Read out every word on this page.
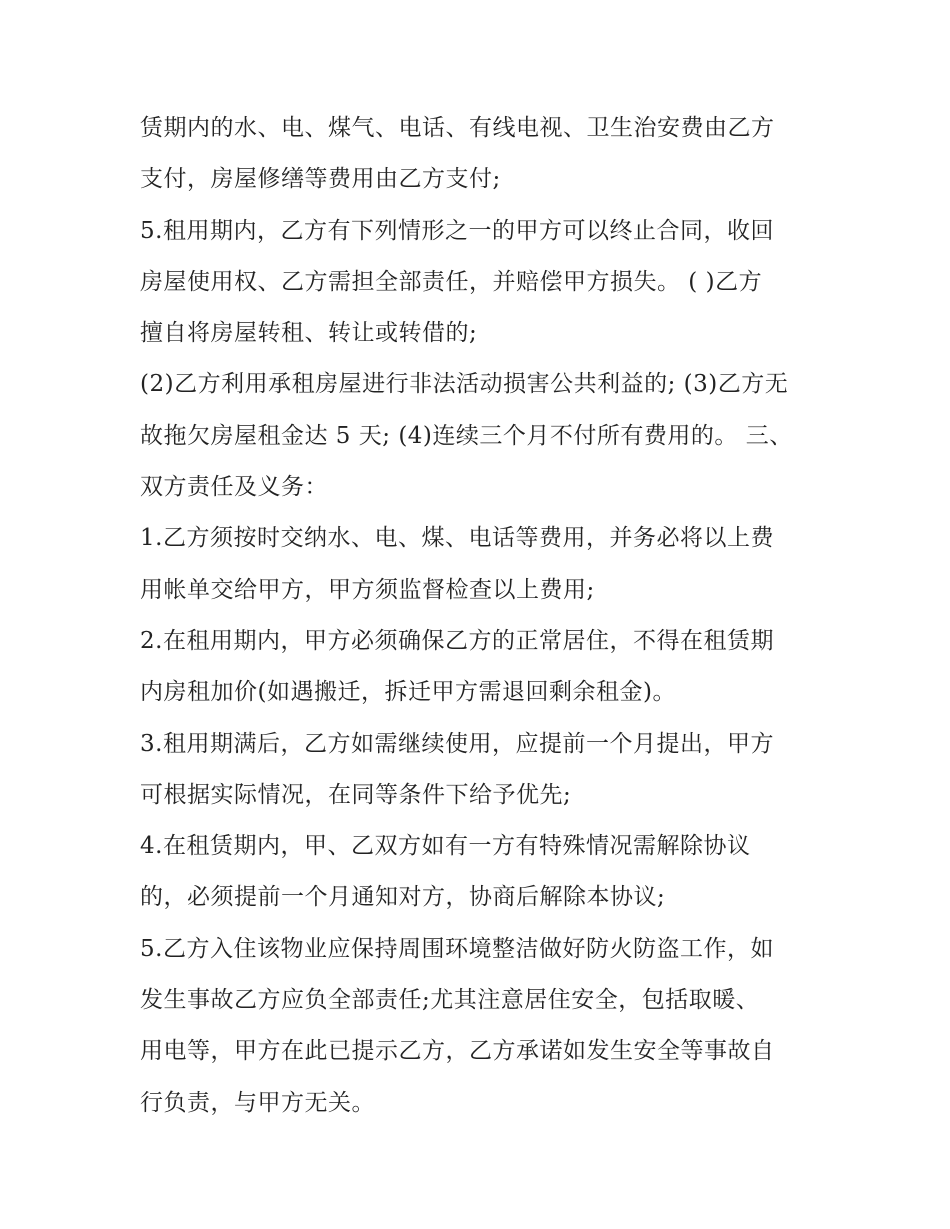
赁期内的水、电、煤气、电话、有线电视、卫生治安费由乙方
支付，房屋修缮等费用由乙方支付;
5.租用期内，乙方有下列情形之一的甲方可以终止合同，收回
房屋使用权、乙方需担全部责任，并赔偿甲方损失。 ( )乙方
擅自将房屋转租、转让或转借的;
(2)乙方利用承租房屋进行非法活动损害公共利益的; (3)乙方无
故拖欠房屋租金达 5 天; (4)连续三个月不付所有费用的。 三、
双方责任及义务：
1.乙方须按时交纳水、电、煤、电话等费用，并务必将以上费
用帐单交给甲方，甲方须监督检查以上费用;
2.在租用期内，甲方必须确保乙方的正常居住，不得在租赁期
内房租加价(如遇搬迁，拆迁甲方需退回剩余租金)。
3.租用期满后，乙方如需继续使用，应提前一个月提出，甲方
可根据实际情况，在同等条件下给予优先;
4.在租赁期内，甲、乙双方如有一方有特殊情况需解除协议
的，必须提前一个月通知对方，协商后解除本协议;
5.乙方入住该物业应保持周围环境整洁做好防火防盗工作，如
发生事故乙方应负全部责任;尤其注意居住安全，包括取暖、
用电等，甲方在此已提示乙方，乙方承诺如发生安全等事故自
行负责，与甲方无关。
